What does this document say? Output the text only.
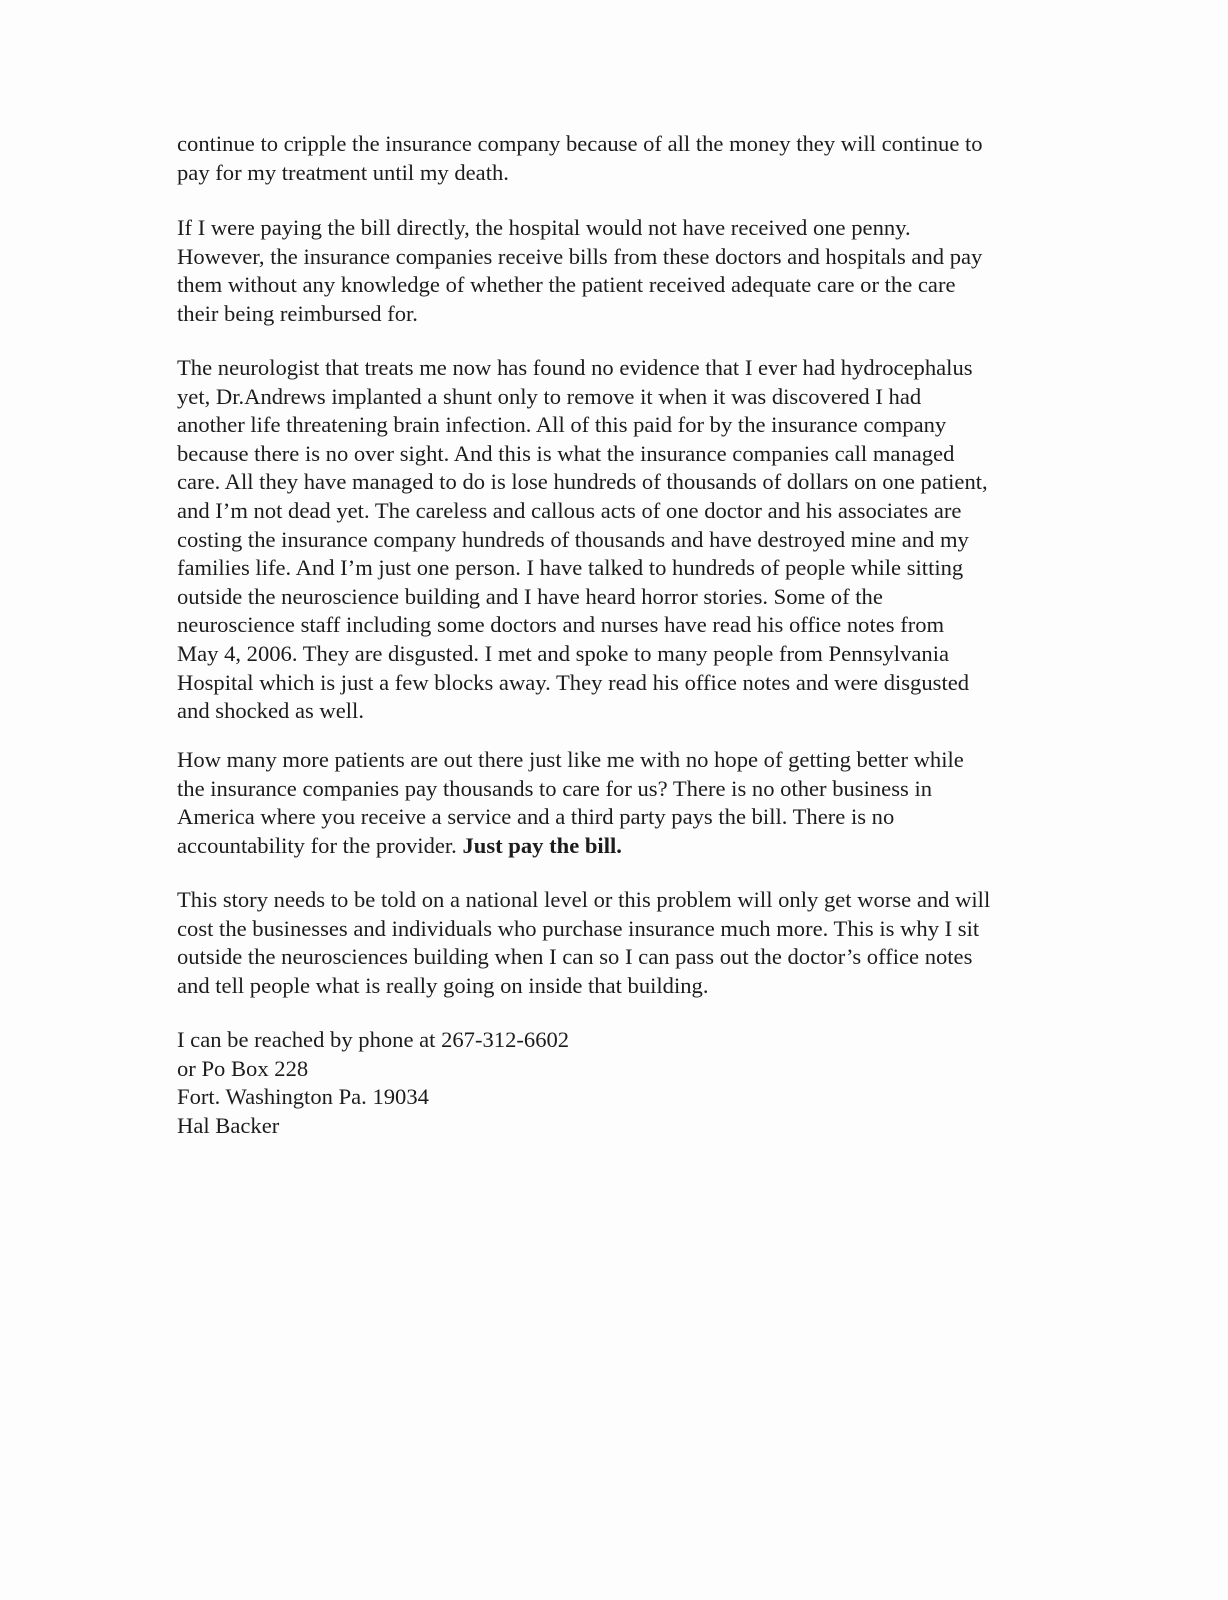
continue to cripple the insurance company because of all the money they will continue to
pay for my treatment until my death.
If I were paying the bill directly, the hospital would not have received one penny.
However, the insurance companies receive bills from these doctors and hospitals and pay
them without any knowledge of whether the patient received adequate care or the care
their being reimbursed for.
The neurologist that treats me now has found no evidence that I ever had hydrocephalus
yet, Dr.Andrews implanted a shunt only to remove it when it was discovered I had
another life threatening brain infection. All of this paid for by the insurance company
because there is no over sight. And this is what the insurance companies call managed
care. All they have managed to do is lose hundreds of thousands of dollars on one patient,
and I’m not dead yet. The careless and callous acts of one doctor and his associates are
costing the insurance company hundreds of thousands and have destroyed mine and my
families life. And I’m just one person. I have talked to hundreds of people while sitting
outside the neuroscience building and I have heard horror stories. Some of the
neuroscience staff including some doctors and nurses have read his office notes from
May 4, 2006. They are disgusted. I met and spoke to many people from Pennsylvania
Hospital which is just a few blocks away. They read his office notes and were disgusted
and shocked as well.
How many more patients are out there just like me with no hope of getting better while
the insurance companies pay thousands to care for us? There is no other business in
America where you receive a service and a third party pays the bill. There is no
accountability for the provider. Just pay the bill.
This story needs to be told on a national level or this problem will only get worse and will
cost the businesses and individuals who purchase insurance much more. This is why I sit
outside the neurosciences building when I can so I can pass out the doctor’s office notes
and tell people what is really going on inside that building.
I can be reached by phone at 267-312-6602
or Po Box 228
Fort. Washington Pa. 19034
Hal Backer
